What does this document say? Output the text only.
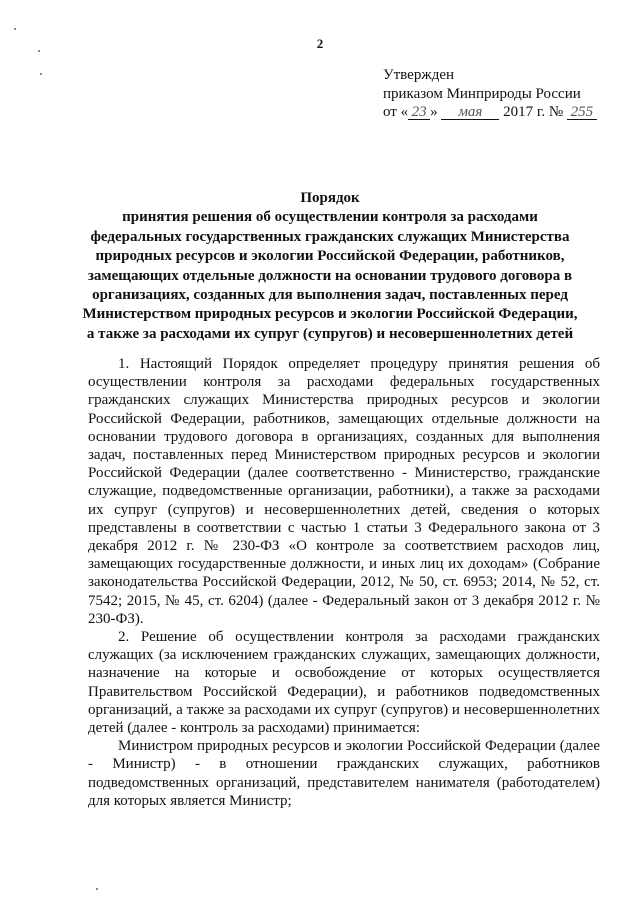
2
Утвержден
приказом Минприроды России
от « 23 » мая 2017 г. № 255
Порядок
принятия решения об осуществлении контроля за расходами
федеральных государственных гражданских служащих Министерства
природных ресурсов и экологии Российской Федерации, работников,
замещающих отдельные должности на основании трудового договора в
организациях, созданных для выполнения задач, поставленных перед
Министерством природных ресурсов и экологии Российской Федерации,
а также за расходами их супруг (супругов) и несовершеннолетних детей

1. Настоящий Порядок определяет процедуру принятия решения об осуществлении контроля за расходами федеральных государственных гражданских служащих Министерства природных ресурсов и экологии Российской Федерации, работников, замещающих отдельные должности на основании трудового договора в организациях, созданных для выполнения задач, поставленных перед Министерством природных ресурсов и экологии Российской Федерации (далее соответственно - Министерство, гражданские служащие, подведомственные организации, работники), а также за расходами их супруг (супругов) и несовершеннолетних детей, сведения о которых представлены в соответствии с частью 1 статьи 3 Федерального закона от 3 декабря 2012 г. № 230-ФЗ «О контроле за соответствием расходов лиц, замещающих государственные должности, и иных лиц их доходам» (Собрание законодательства Российской Федерации, 2012, № 50, ст. 6953; 2014, № 52, ст. 7542; 2015, № 45, ст. 6204) (далее - Федеральный закон от 3 декабря 2012 г. № 230-ФЗ).

2. Решение об осуществлении контроля за расходами гражданских служащих (за исключением гражданских служащих, замещающих должности, назначение на которые и освобождение от которых осуществляется Правительством Российской Федерации), и работников подведомственных организаций, а также за расходами их супруг (супругов) и несовершеннолетних детей (далее - контроль за расходами) принимается:

Министром природных ресурсов и экологии Российской Федерации (далее - Министр) - в отношении гражданских служащих, работников подведомственных организаций, представителем нанимателя (работодателем) для которых является Министр;
